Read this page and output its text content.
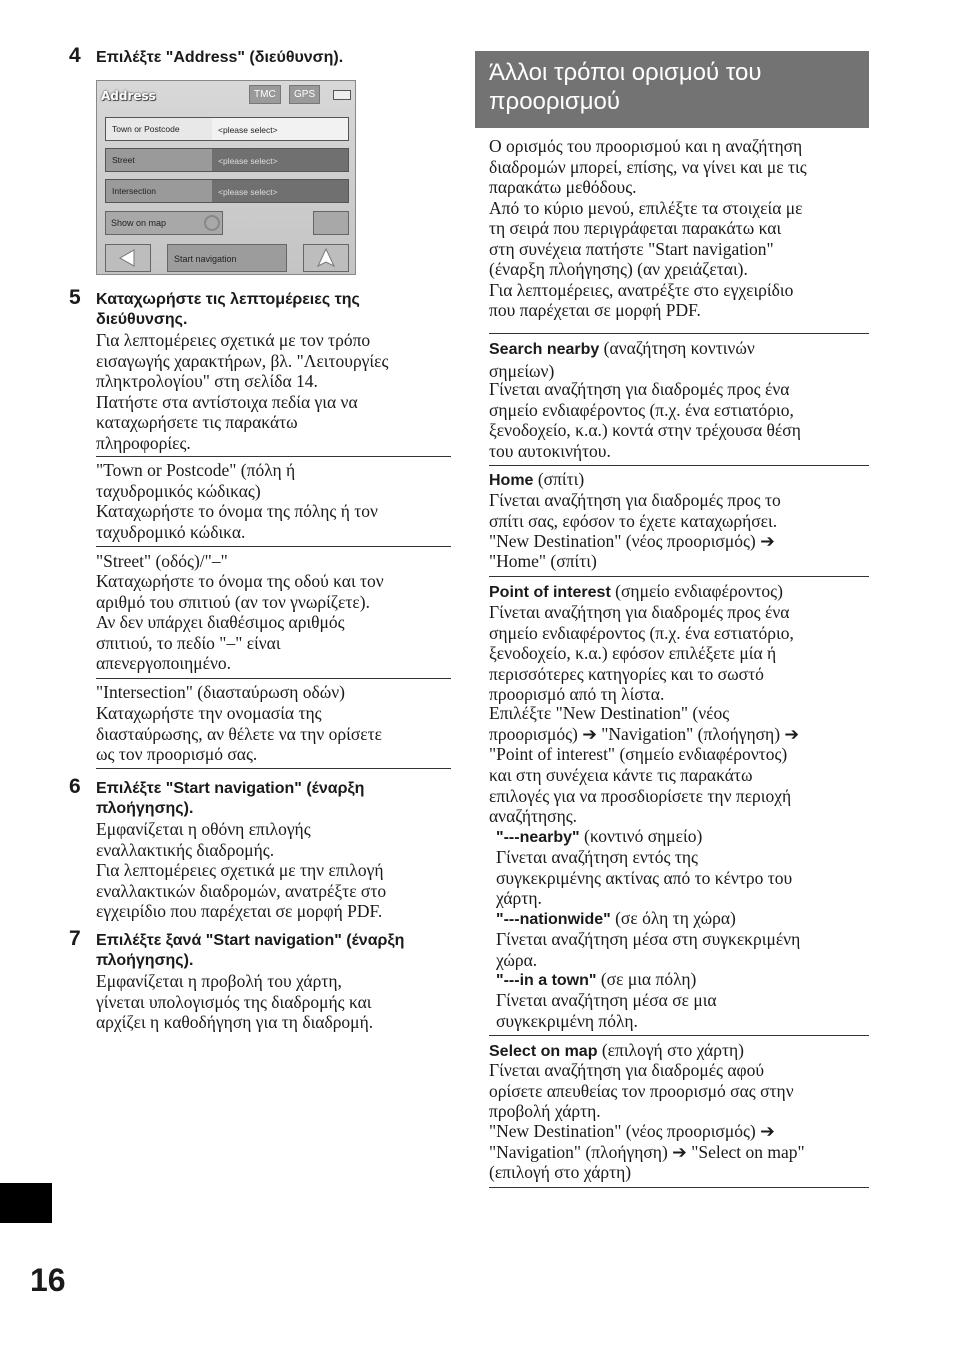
4 Επιλέξτε "Address" (διεύθυνση).
Address	TMC	GPS
Town or Postcode	<please select>
Street	<please select>
Intersection	<please select>
Show on map
Start navigation
5 Καταχωρήστε τις λεπτομέρειες της διεύθυνσης.
Για λεπτομέρειες σχετικά με τον τρόπο
εισαγωγής χαρακτήρων, βλ. "Λειτουργίες
πληκτρολογίου" στη σελίδα 14.
Πατήστε στα αντίστοιχα πεδία για να
καταχωρήσετε τις παρακάτω
πληροφορίες.
"Town or Postcode" (πόλη ή
ταχυδρομικός κώδικας)
Καταχωρήστε το όνομα της πόλης ή τον
ταχυδρομικό κώδικα.
"Street" (οδός)/"–"
Καταχωρήστε το όνομα της οδού και τον
αριθμό του σπιτιού (αν τον γνωρίζετε).
Αν δεν υπάρχει διαθέσιμος αριθμός
σπιτιού, το πεδίο "–" είναι
απενεργοποιημένο.
"Intersection" (διασταύρωση οδών)
Καταχωρήστε την ονομασία της
διασταύρωσης, αν θέλετε να την ορίσετε
ως τον προορισμό σας.
6 Επιλέξτε "Start navigation" (έναρξη πλοήγησης).
Εμφανίζεται η οθόνη επιλογής
εναλλακτικής διαδρομής.
Για λεπτομέρειες σχετικά με την επιλογή
εναλλακτικών διαδρομών, ανατρέξτε στο
εγχειρίδιο που παρέχεται σε μορφή PDF.
7 Επιλέξτε ξανά "Start navigation" (έναρξη πλοήγησης).
Εμφανίζεται η προβολή του χάρτη,
γίνεται υπολογισμός της διαδρομής και
αρχίζει η καθοδήγηση για τη διαδρομή.
16
Άλλοι τρόποι ορισμού του προορισμού
Ο ορισμός του προορισμού και η αναζήτηση
διαδρομών μπορεί, επίσης, να γίνει και με τις
παρακάτω μεθόδους.
Από το κύριο μενού, επιλέξτε τα στοιχεία με
τη σειρά που περιγράφεται παρακάτω και
στη συνέχεια πατήστε "Start navigation"
(έναρξη πλοήγησης) (αν χρειάζεται).
Για λεπτομέρειες, ανατρέξτε στο εγχειρίδιο
που παρέχεται σε μορφή PDF.
Search nearby (αναζήτηση κοντινών
σημείων)
Γίνεται αναζήτηση για διαδρομές προς ένα
σημείο ενδιαφέροντος (π.χ. ένα εστιατόριο,
ξενοδοχείο, κ.α.) κοντά στην τρέχουσα θέση
του αυτοκινήτου.
Home (σπίτι)
Γίνεται αναζήτηση για διαδρομές προς το
σπίτι σας, εφόσον το έχετε καταχωρήσει.
"New Destination" (νέος προορισμός) ➔
"Home" (σπίτι)
Point of interest (σημείο ενδιαφέροντος)
Γίνεται αναζήτηση για διαδρομές προς ένα
σημείο ενδιαφέροντος (π.χ. ένα εστιατόριο,
ξενοδοχείο, κ.α.) εφόσον επιλέξετε μία ή
περισσότερες κατηγορίες και το σωστό
προορισμό από τη λίστα.
Επιλέξτε "New Destination" (νέος
προορισμός) ➔ "Navigation" (πλοήγηση) ➔
"Point of interest" (σημείο ενδιαφέροντος)
και στη συνέχεια κάντε τις παρακάτω
επιλογές για να προσδιορίσετε την περιοχή
αναζήτησης.
"---nearby" (κοντινό σημείο)
Γίνεται αναζήτηση εντός της
συγκεκριμένης ακτίνας από το κέντρο του
χάρτη.
"---nationwide" (σε όλη τη χώρα)
Γίνεται αναζήτηση μέσα στη συγκεκριμένη
χώρα.
"---in a town" (σε μια πόλη)
Γίνεται αναζήτηση μέσα σε μια
συγκεκριμένη πόλη.
Select on map (επιλογή στο χάρτη)
Γίνεται αναζήτηση για διαδρομές αφού
ορίσετε απευθείας τον προορισμό σας στην
προβολή χάρτη.
"New Destination" (νέος προορισμός) ➔
"Navigation" (πλοήγηση) ➔ "Select on map"
(επιλογή στο χάρτη)
